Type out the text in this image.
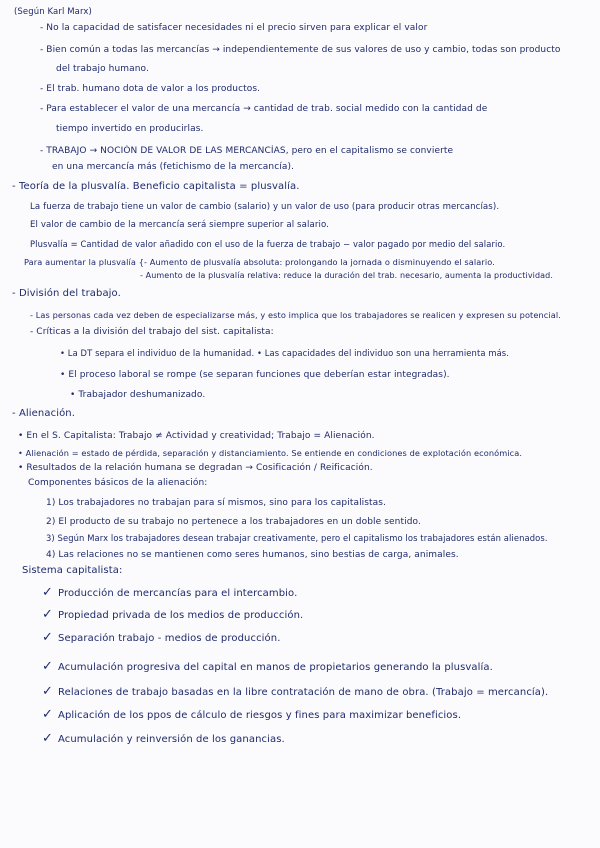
(Según Karl Marx)
- No la capacidad de satisfacer necesidades ni el precio sirven para explicar el valor
- Bien común a todas las mercancías → independientemente de sus valores de uso y cambio, todas son producto
del trabajo humano.
- El trab. humano dota de valor a los productos.
- Para establecer el valor de una mercancía → cantidad de trab. social medido con la cantidad de
tiempo invertido en producirlas.
- TRABAJO → NOCIÓN DE VALOR DE LAS MERCANCÍAS, pero en el capitalismo se convierte
en una mercancía más (fetichismo de la mercancía).
- Teoría de la plusvalía. Beneficio capitalista = plusvalía.
La fuerza de trabajo tiene un valor de cambio (salario) y un valor de uso (para producir otras mercancías).
El valor de cambio de la mercancía será siempre superior al salario.
Plusvalía = Cantidad de valor añadido con el uso de la fuerza de trabajo − valor pagado por medio del salario.
Para aumentar la plusvalía {- Aumento de plusvalía absoluta: prolongando la jornada o disminuyendo el salario.
- Aumento de la plusvalía relativa: reduce la duración del trab. necesario, aumenta la productividad.
- División del trabajo.
- Las personas cada vez deben de especializarse más, y esto implica que los trabajadores se realicen y expresen su potencial.
- Críticas a la división del trabajo del sist. capitalista:
• La DT separa el individuo de la humanidad. • Las capacidades del individuo son una herramienta más.
• El proceso laboral se rompe (se separan funciones que deberían estar integradas).
• Trabajador deshumanizado.
- Alienación.
• En el S. Capitalista: Trabajo ≠ Actividad y creatividad; Trabajo = Alienación.
• Alienación = estado de pérdida, separación y distanciamiento. Se entiende en condiciones de explotación económica.
• Resultados de la relación humana se degradan → Cosificación / Reificación.
Componentes básicos de la alienación:
1) Los trabajadores no trabajan para sí mismos, sino para los capitalistas.
2) El producto de su trabajo no pertenece a los trabajadores en un doble sentido.
3) Según Marx los trabajadores desean trabajar creativamente, pero el capitalismo los trabajadores están alienados.
4) Las relaciones no se mantienen como seres humanos, sino bestias de carga, animales.
Sistema capitalista:
✓ Producción de mercancías para el intercambio.
✓ Propiedad privada de los medios de producción.
✓ Separación trabajo - medios de producción.
✓ Acumulación progresiva del capital en manos de propietarios generando la plusvalía.
✓ Relaciones de trabajo basadas en la libre contratación de mano de obra. (Trabajo = mercancía).
✓ Aplicación de los ppos de cálculo de riesgos y fines para maximizar beneficios.
✓ Acumulación y reinversión de los ganancias.
